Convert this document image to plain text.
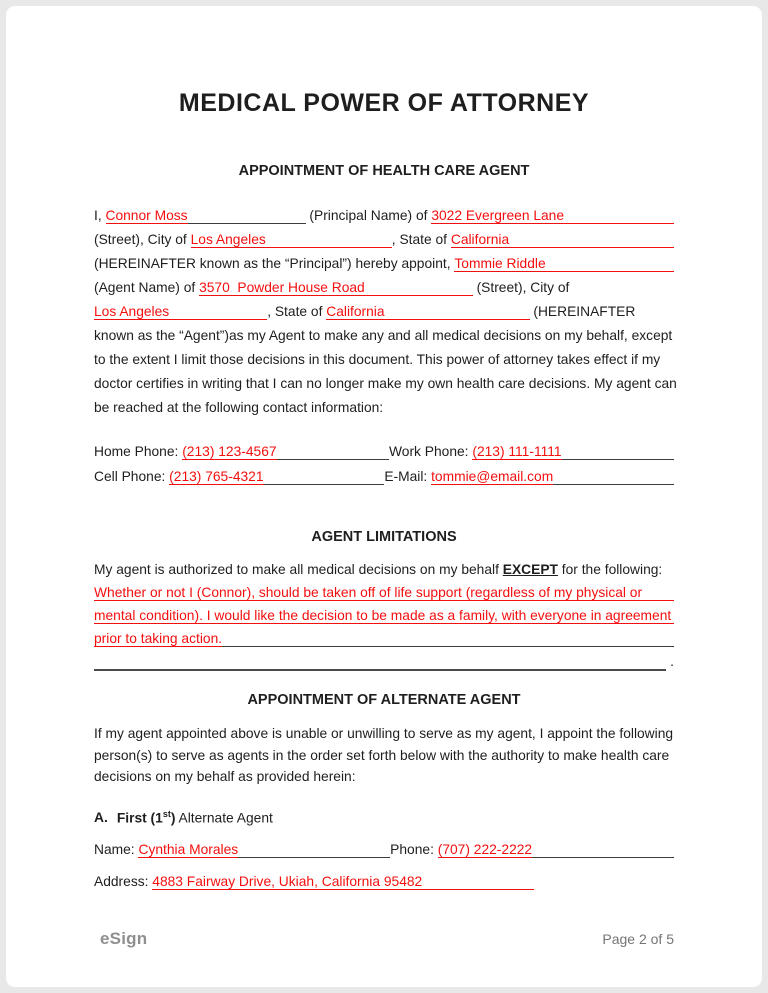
MEDICAL POWER OF ATTORNEY
APPOINTMENT OF HEALTH CARE AGENT
I, Connor Moss
	(Principal Name) of 3022 Evergreen Lane

(Street), City of Los Angeles
	, State of California

(HEREINAFTER known as the “Principal”) hereby appoint, Tommie Riddle

(Agent Name) of 3570  Powder House Road
	(Street), City of
Los Angeles
	, State of California
	(HEREINAFTER
known as the “Agent”)as my Agent to make any and all medical decisions on my behalf, except
to the extent I limit those decisions in this document. This power of attorney takes effect if my
doctor certifies in writing that I can no longer make my own health care decisions. My agent can
be reached at the following contact information:
Home Phone: (213) 123-4567
	Work Phone: (213) 111-1111

Cell Phone: (213) 765-4321
	E-Mail: tommie@email.com

AGENT LIMITATIONS
My agent is authorized to make all medical decisions on my behalf EXCEPT for the following:
Whether or not I (Connor), should be taken off of life support (regardless of my physical or

mental condition). I would like the decision to be made as a family, with everyone in agreement

prior to taking action.

.
APPOINTMENT OF ALTERNATE AGENT
If my agent appointed above is unable or unwilling to serve as my agent, I appoint the following
person(s) to serve as agents in the order set forth below with the authority to make health care
decisions on my behalf as provided herein:
A. First (1st) Alternate Agent
Name: Cynthia Morales
	Phone: (707) 222-2222

Address: 4883 Fairway Drive, Ukiah, California 95482

eSign	Page 2 of 5
